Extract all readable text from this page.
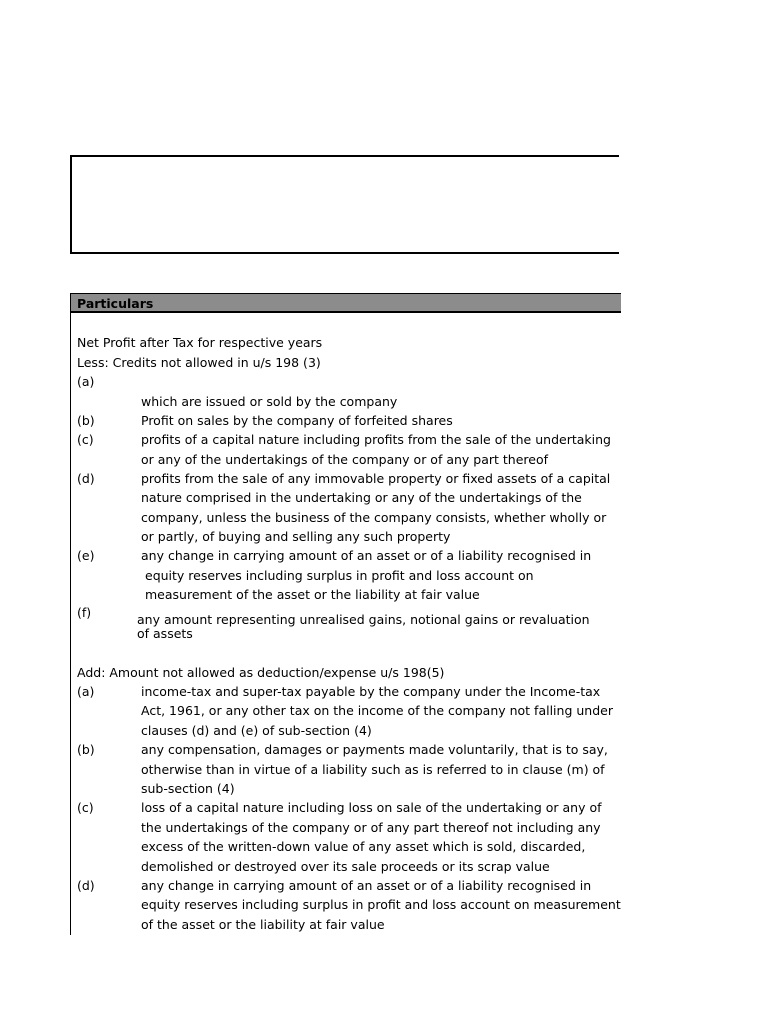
Particulars
Net Profit after Tax for respective years
Less: Credits not allowed in u/s 198 (3)
(a)
which are issued or sold by the company
(b)	Profit on sales by the company of forfeited shares
(c)	profits of a capital nature including profits from the sale of the undertaking
or any of the undertakings of the company or of any part thereof
(d)	profits from the sale of any immovable property or fixed assets of a capital
nature comprised in the undertaking or any of the undertakings of the
company, unless the business of the company consists, whether wholly or
or partly, of buying and selling any such property
(e)	any change in carrying amount of an asset or of a liability recognised in
equity reserves including surplus in profit and loss account on
measurement of the asset or the liability at fair value
(f)	any amount representing unrealised gains, notional gains or revaluation
of assets
Add: Amount not allowed as deduction/expense u/s 198(5)
(a)	income-tax and super-tax payable by the company under the Income-tax
Act, 1961, or any other tax on the income of the company not falling under
clauses (d) and (e) of sub-section (4)
(b)	any compensation, damages or payments made voluntarily, that is to say,
otherwise than in virtue of a liability such as is referred to in clause (m) of
sub-section (4)
(c)	loss of a capital nature including loss on sale of the undertaking or any of
the undertakings of the company or of any part thereof not including any
excess of the written-down value of any asset which is sold, discarded,
demolished or destroyed over its sale proceeds or its scrap value
(d)	any change in carrying amount of an asset or of a liability recognised in
equity reserves including surplus in profit and loss account on measurement
of the asset or the liability at fair value
